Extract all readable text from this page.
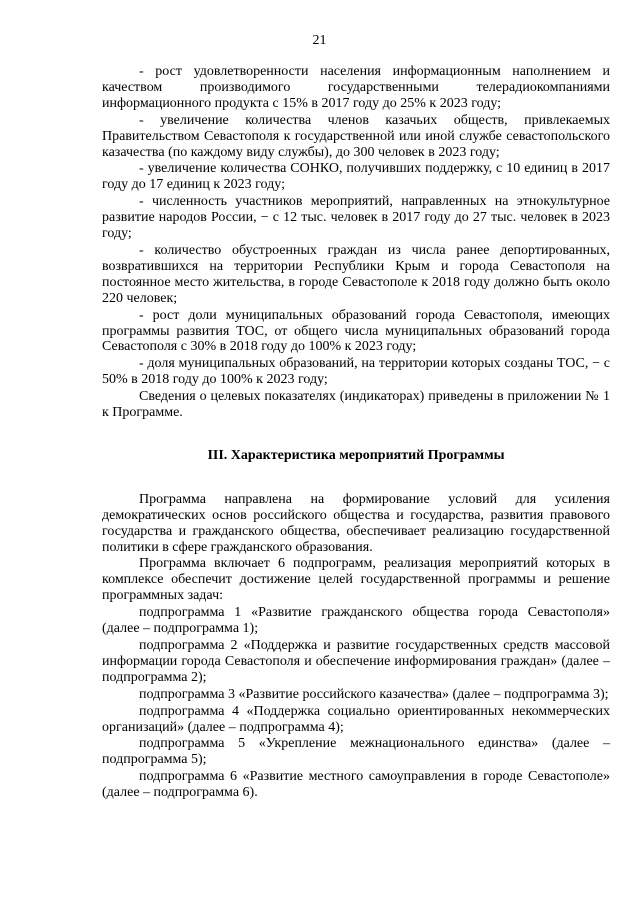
21

- рост удовлетворенности населения информационным наполнением и качеством производимого государственными телерадиокомпаниями информационного продукта с 15% в 2017 году до 25% к 2023 году;

- увеличение количества членов казачьих обществ, привлекаемых Правительством Севастополя к государственной или иной службе севастопольского казачества (по каждому виду службы), до 300 человек в 2023 году;

- увеличение количества СОНКО, получивших поддержку, с 10 единиц в 2017 году до 17 единиц к 2023 году;

- численность участников мероприятий, направленных на этнокультурное развитие народов России, − с 12 тыс. человек в 2017 году до 27 тыс. человек в 2023 году;

- количество обустроенных граждан из числа ранее депортированных, возвратившихся на территории Республики Крым и города Севастополя на постоянное место жительства, в городе Севастополе к 2018 году должно быть около 220 человек;

- рост доли муниципальных образований города Севастополя, имеющих программы развития ТОС, от общего числа муниципальных образований города Севастополя с 30% в 2018 году до 100% к 2023 году;

- доля муниципальных образований, на территории которых созданы ТОС, − с 50% в 2018 году до 100% к 2023 году;

Сведения о целевых показателях (индикаторах) приведены в приложении № 1 к Программе.

III. Характеристика мероприятий Программы

Программа направлена на формирование условий для усиления демократических основ российского общества и государства, развития правового государства и гражданского общества, обеспечивает реализацию государственной политики в сфере гражданского образования.

Программа включает 6 подпрограмм, реализация мероприятий которых в комплексе обеспечит достижение целей государственной программы и решение программных задач:

подпрограмма 1 «Развитие гражданского общества города Севастополя» (далее – подпрограмма 1);

подпрограмма 2 «Поддержка и развитие государственных средств массовой информации города Севастополя и обеспечение информирования граждан» (далее – подпрограмма 2);

подпрограмма 3 «Развитие российского казачества» (далее – подпрограмма 3);

подпрограмма 4 «Поддержка социально ориентированных некоммерческих организаций» (далее – подпрограмма 4);

подпрограмма 5 «Укрепление межнационального единства» (далее – подпрограмма 5);

подпрограмма 6 «Развитие местного самоуправления в городе Севастополе» (далее – подпрограмма 6).
